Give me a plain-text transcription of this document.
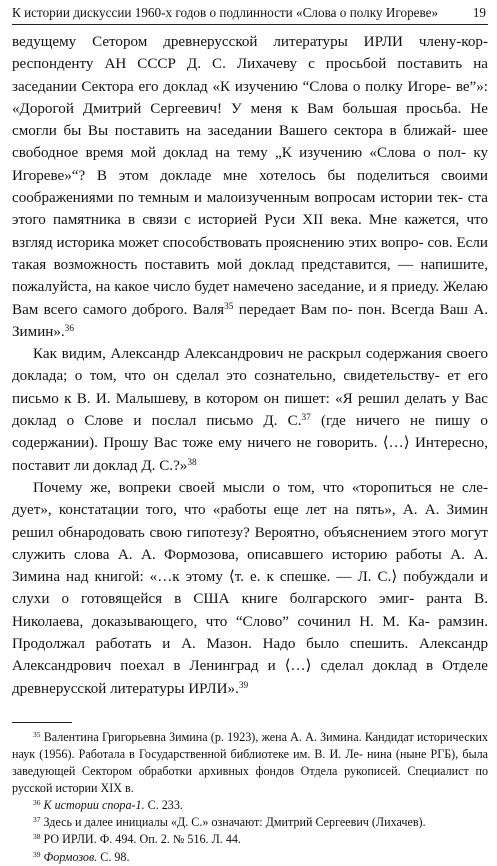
К истории дискуссии 1960-х годов о подлинности «Слова о полку Игореве»	19

ведущему Сетором древнерусской литературы ИРЛИ члену-кор- респонденту АН СССР Д. С. Лихачеву с просьбой поставить на заседании Сектора его доклад «К изучению “Слова о полку Игоре- ве”»: «Дорогой Дмитрий Сергеевич! У меня к Вам большая просьба. Не смогли бы Вы поставить на заседании Вашего сектора в ближай- шее свободное время мой доклад на тему „К изучению «Слова о пол- ку Игореве»“? В этом докладе мне хотелось бы поделиться своими соображениями по темным и малоизученным вопросам истории тек- ста этого памятника в связи с историей Руси XII века. Мне кажется, что взгляд историка может способствовать прояснению этих вопро- сов. Если такая возможность поставить мой доклад представится, — напишите, пожалуйста, на какое число будет намечено заседание, и я приеду. Желаю Вам всего самого доброго. Валя$^{35}$ передает Вам по- пон. Всегда Ваш А. Зимин».$^{36}$

Как видим, Александр Александрович не раскрыл содержания своего доклада; о том, что он сделал это сознательно, свидетельству- ет его письмо к В. И. Малышеву, в котором он пишет: «Я решил делать у Вас доклад о Слове и послал письмо Д. С.$^{37}$ (где ничего не пишу о содержании). Прошу Вас тоже ему ничего не говорить. ⟨…⟩ Интересно, поставит ли доклад Д. С.?»$^{38}$

Почему же, вопреки своей мысли о том, что «торопиться не сле- дует», констатации того, что «работы еще лет на пять», А. А. Зимин решил обнародовать свою гипотезу? Вероятно, объяснением этого могут служить слова А. А. Формозова, описавшего историю работы А. А. Зимина над книгой: «…к этому ⟨т. е. к спешке. — Л. С.⟩ побуждали и слухи о готовящейся в США книге болгарского эмиг- ранта В. Николаева, доказывающего, что “Слово” сочинил Н. М. Ка- рамзин. Продолжал работать и А. Мазон. Надо было спешить. Александр Александрович поехал в Ленинград и ⟨…⟩ сделал доклад в Отделе древнерусской литературы ИРЛИ».$^{39}$

$^{35}$ Валентина Григорьевна Зимина (р. 1923), жена А. А. Зимина. Кандидат исторических наук (1956). Работала в Государственной библиотеке им. В. И. Ле- нина (ныне РГБ), была заведующей Сектором обработки архивных фондов Отдела рукописей. Специалист по русской истории XIX в.

$^{36}$ К истории спора-1. С. 233.

$^{37}$ Здесь и далее инициалы «Д. С.» означают: Дмитрий Сергеевич (Лихачев).

$^{38}$ РО ИРЛИ. Ф. 494. Оп. 2. № 516. Л. 44.

$^{39}$ Формозов. С. 98.
